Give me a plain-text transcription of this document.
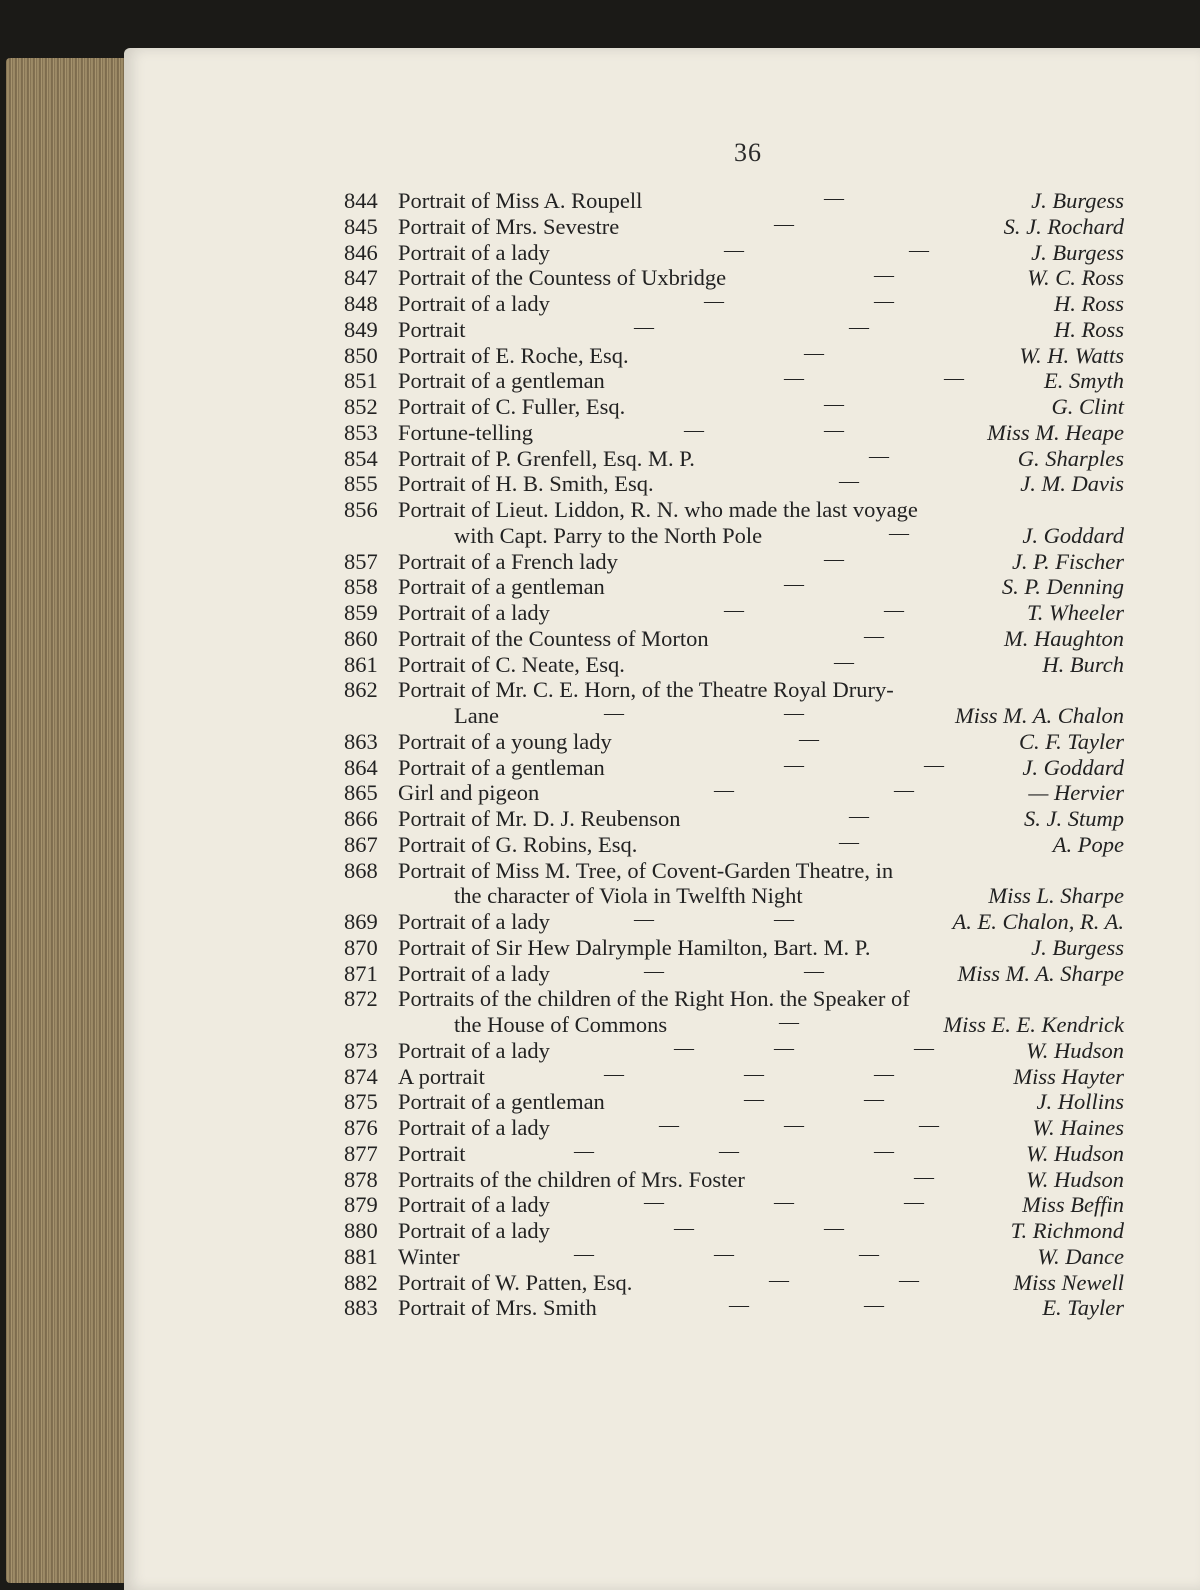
36
844 Portrait of Miss A. Roupell	—	J. Burgess
845 Portrait of Mrs. Sevestre	—	S. J. Rochard
846 Portrait of a lady	—	—	J. Burgess
847 Portrait of the Countess of Uxbridge	—	W. C. Ross
848 Portrait of a lady	—	—	H. Ross
849 Portrait	—	—	H. Ross
850 Portrait of E. Roche, Esq.	—	W. H. Watts
851 Portrait of a gentleman	—	—	E. Smyth
852 Portrait of C. Fuller, Esq.	—	G. Clint
853 Fortune-telling	—	—	Miss M. Heape
854 Portrait of P. Grenfell, Esq. M. P.	—	G. Sharples
855 Portrait of H. B. Smith, Esq.	—	J. M. Davis
856 Portrait of Lieut. Liddon, R. N. who made the last voyage
with Capt. Parry to the North Pole	—	J. Goddard
857 Portrait of a French lady	—	J. P. Fischer
858 Portrait of a gentleman	—	S. P. Denning
859 Portrait of a lady	—	—	T. Wheeler
860 Portrait of the Countess of Morton	—	M. Haughton
861 Portrait of C. Neate, Esq.	—	H. Burch
862 Portrait of Mr. C. E. Horn, of the Theatre Royal Drury-
Lane	—	—	Miss M. A. Chalon
863 Portrait of a young lady	—	C. F. Tayler
864 Portrait of a gentleman	—	—	J. Goddard
865 Girl and pigeon	—	—	— Hervier
866 Portrait of Mr. D. J. Reubenson	—	S. J. Stump
867 Portrait of G. Robins, Esq.	—	A. Pope
868 Portrait of Miss M. Tree, of Covent-Garden Theatre, in
the character of Viola in Twelfth Night	Miss L. Sharpe
869 Portrait of a lady	—	—	A. E. Chalon, R. A.
870 Portrait of Sir Hew Dalrymple Hamilton, Bart. M. P.	J. Burgess
871 Portrait of a lady	—	—	Miss M. A. Sharpe
872 Portraits of the children of the Right Hon. the Speaker of
the House of Commons	—	Miss E. E. Kendrick
873 Portrait of a lady	—	—	—	W. Hudson
874 A portrait	—	—	—	Miss Hayter
875 Portrait of a gentleman	—	—	J. Hollins
876 Portrait of a lady	—	—	—	W. Haines
877 Portrait	—	—	—	W. Hudson
878 Portraits of the children of Mrs. Foster	—	W. Hudson
879 Portrait of a lady	—	—	—	Miss Beffin
880 Portrait of a lady	—	—	T. Richmond
881 Winter	—	—	—	W. Dance
882 Portrait of W. Patten, Esq.	—	—	Miss Newell
883 Portrait of Mrs. Smith	—	—	E. Tayler
